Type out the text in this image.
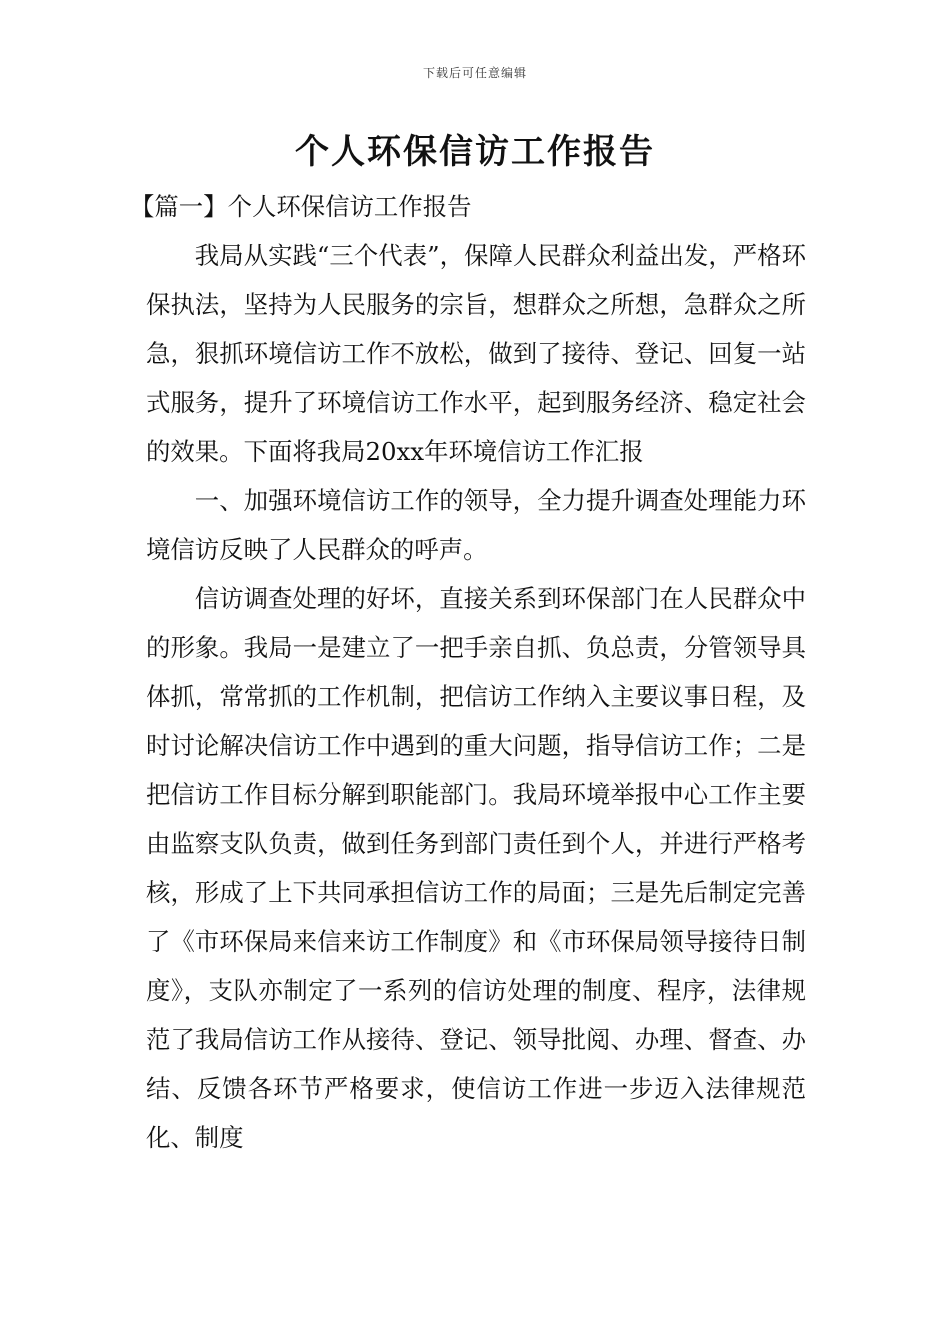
下载后可任意编辑
个人环保信访工作报告

【篇一】个人环保信访工作报告

我局从实践“三个代表”，保障人民群众利益出发，严格环保执法，坚持为人民服务的宗旨，想群众之所想，急群众之所急，狠抓环境信访工作不放松，做到了接待、登记、回复一站式服务，提升了环境信访工作水平，起到服务经济、稳定社会的效果。下面将我局20xx年环境信访工作汇报

一、加强环境信访工作的领导，全力提升调查处理能力环境信访反映了人民群众的呼声。

信访调查处理的好坏，直接关系到环保部门在人民群众中的形象。我局一是建立了一把手亲自抓、负总责，分管领导具体抓，常常抓的工作机制，把信访工作纳入主要议事日程，及时讨论解决信访工作中遇到的重大问题，指导信访工作；二是把信访工作目标分解到职能部门。我局环境举报中心工作主要由监察支队负责，做到任务到部门责任到个人，并进行严格考核，形成了上下共同承担信访工作的局面；三是先后制定完善了《市环保局来信来访工作制度》和《市环保局领导接待日制度》，支队亦制定了一系列的信访处理的制度、程序，法律规范了我局信访工作从接待、登记、领导批阅、办理、督查、办结、反馈各环节严格要求，使信访工作进一步迈入法律规范化、制度
